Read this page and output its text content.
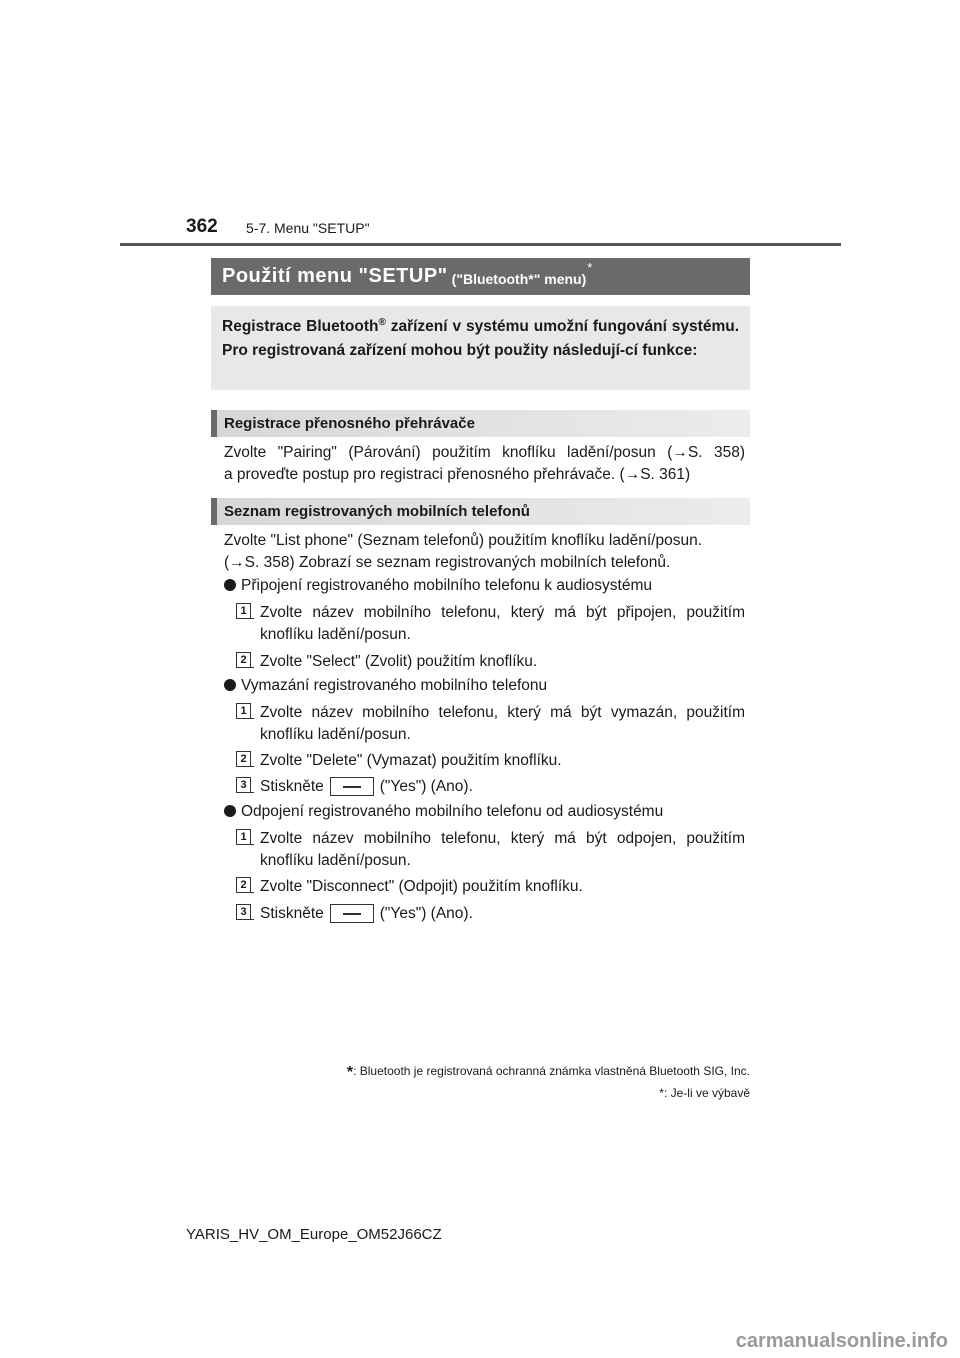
362 5-7. Menu "SETUP"
Použití menu "SETUP" ("Bluetooth*" menu)
*
Registrace Bluetooth® zařízení v systému umožní fungování systému. Pro registrovaná zařízení mohou být použity následují-cí funkce:
Registrace přenosného přehrávače
Zvolte "Pairing" (Párování) použitím knoflíku ladění/posun (→S. 358)
a proveďte postup pro registraci přenosného přehrávače. (→S. 361)
Seznam registrovaných mobilních telefonů
Zvolte "List phone" (Seznam telefonů) použitím knoflíku ladění/posun.
(→S. 358) Zobrazí se seznam registrovaných mobilních telefonů.
Připojení registrovaného mobilního telefonu k audiosystému
1 Zvolte název mobilního telefonu, který má být připojen, použitím
knoflíku ladění/posun.
2 Zvolte "Select" (Zvolit) použitím knoflíku.
Vymazání registrovaného mobilního telefonu
1 Zvolte název mobilního telefonu, který má být vymazán, použitím
knoflíku ladění/posun.
2 Zvolte "Delete" (Vymazat) použitím knoflíku.
3 Stiskněte	("Yes") (Ano).
Odpojení registrovaného mobilního telefonu od audiosystému
1 Zvolte název mobilního telefonu, který má být odpojen, použitím
knoflíku ladění/posun.
2 Zvolte "Disconnect" (Odpojit) použitím knoflíku.
3 Stiskněte	("Yes") (Ano).
*: Bluetooth je registrovaná ochranná známka vlastněná Bluetooth SIG, Inc.
*: Je-li ve výbavě
YARIS_HV_OM_Europe_OM52J66CZ
carmanualsonline.info
